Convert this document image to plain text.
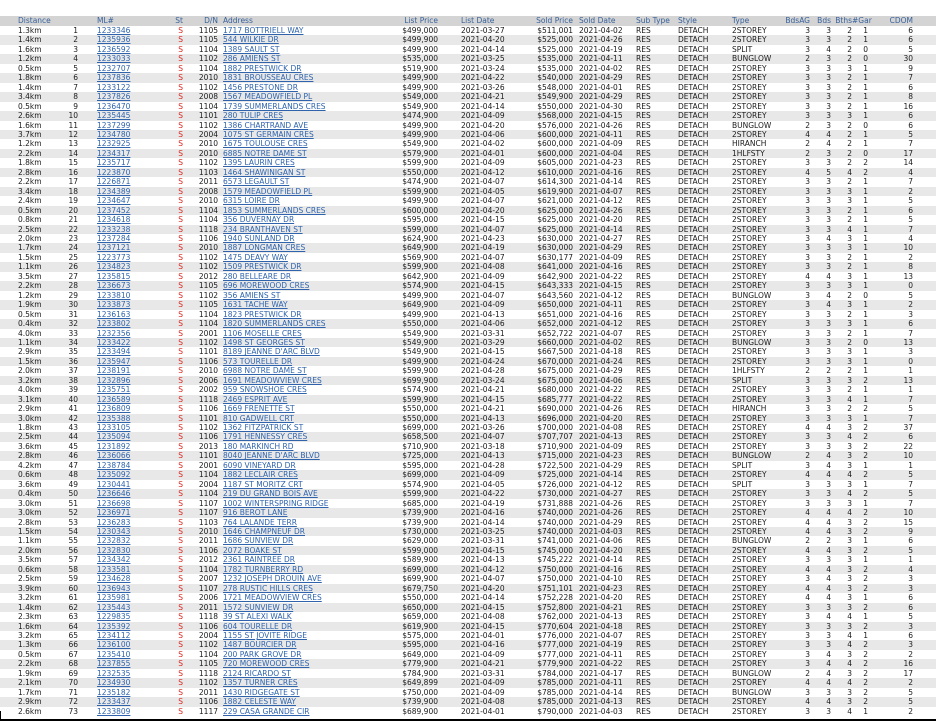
Distance		ML#	St	D/N	Address	List Price	List Date	Sold Price	Sold Date	Sub Type	Style	Type	BdsAG	Bds	Bths	#Gar	CDOM
1.3km	1	1233346	S	1105	1717 BOTTRIELL WAY	$499,000	2021-03-27	$511,001	2021-04-02	RES	DETACH	2STOREY	3	3	2	1	6
1.4km	2	1235936	S	1105	544 WILKIE DR	$499,900	2021-04-20	$525,000	2021-04-26	RES	DETACH	2STOREY	3	3	2	1	6
1.6km	3	1236592	S	1104	1389 SAULT ST	$499,900	2021-04-14	$525,000	2021-04-19	RES	DETACH	SPLIT	3	4	2	0	5
1.2km	4	1233033	S	1102	286 AMIENS ST	$535,000	2021-03-25	$535,000	2021-04-11	RES	DETACH	BUNGLOW	2	3	2	0	30
0.5km	5	1232707	S	1104	1882 PRESTWICK DR	$519,900	2021-03-24	$535,000	2021-04-02	RES	DETACH	2STOREY	3	3	3	1	9
1.8km	6	1237836	S	2010	1831 BROUSSEAU CRES	$499,900	2021-04-22	$540,000	2021-04-29	RES	DETACH	2STOREY	3	3	2	1	7
1.4km	7	1233122	S	1102	1456 PRESTONE DR	$499,900	2021-03-26	$548,000	2021-04-01	RES	DETACH	2STOREY	3	3	2	1	6
3.4km	8	1237826	S	2008	1567 MEADOWFIELD PL	$549,000	2021-04-21	$549,900	2021-04-29	RES	DETACH	2STOREY	3	3	2	1	8
0.5km	9	1236470	S	1104	1739 SUMMERLANDS CRES	$549,900	2021-04-14	$550,000	2021-04-30	RES	DETACH	2STOREY	3	3	2	1	16
2.6km	10	1235445	S	1101	280 TULIP CRES	$474,900	2021-04-09	$568,000	2021-04-15	RES	DETACH	2STOREY	3	3	3	1	6
1.6km	11	1237299	S	1102	1386 CHARTRAND AVE	$499,900	2021-04-20	$576,000	2021-04-26	RES	DETACH	BUNGLOW	2	3	2	0	6
3.7km	12	1234780	S	2004	1075 ST GERMAIN CRES	$499,900	2021-04-06	$600,000	2021-04-11	RES	DETACH	2STOREY	4	4	2	1	5
1.2km	13	1232925	S	2010	1675 TOULOUSE CRES	$549,900	2021-04-02	$600,000	2021-04-09	RES	DETACH	HIRANCH	2	4	2	1	7
2.2km	14	1234317	S	2010	6885 NOTRE DAME ST	$579,900	2021-04-01	$600,000	2021-04-04	RES	DETACH	1HLFSTY	2	3	2	0	17
1.8km	15	1235717	S	1102	1395 LAURIN CRES	$599,900	2021-04-09	$605,000	2021-04-23	RES	DETACH	2STOREY	3	3	2	2	14
2.8km	16	1223870	S	1103	1464 SHAWINIGAN ST	$550,000	2021-04-12	$610,000	2021-04-16	RES	DETACH	2STOREY	4	5	4	2	4
2.2km	17	1226871	S	2011	6573 LEGAULT ST	$474,900	2021-04-07	$614,300	2021-04-14	RES	DETACH	2STOREY	3	3	2	1	7
3.4km	18	1234389	S	2008	1579 MEADOWFIELD PL	$599,900	2021-04-05	$619,900	2021-04-07	RES	DETACH	2STOREY	3	3	3	1	2
2.4km	19	1234647	S	2010	6315 LOIRE DR	$499,900	2021-04-07	$621,000	2021-04-12	RES	DETACH	2STOREY	3	3	3	1	5
0.5km	20	1237452	S	1104	1853 SUMMERLANDS CRES	$600,000	2021-04-20	$625,000	2021-04-26	RES	DETACH	2STOREY	3	3	2	1	6
0.8km	21	1234618	S	1104	356 DUVERNAY DR	$595,000	2021-04-15	$625,000	2021-04-20	RES	DETACH	2STOREY	3	3	2	1	5
2.5km	22	1233238	S	1118	234 BRANTHAVEN ST	$599,000	2021-04-07	$625,000	2021-04-14	RES	DETACH	2STOREY	3	3	4	1	7
2.0km	23	1237284	S	1106	1940 SUNLAND DR	$624,900	2021-04-23	$630,000	2021-04-27	RES	DETACH	2STOREY	3	4	3	1	4
1.7km	24	1237121	S	2010	1887 LONGMAN CRES	$649,900	2021-04-19	$630,000	2021-04-29	RES	DETACH	2STOREY	3	3	3	1	10
1.5km	25	1223773	S	1102	1475 DEAVY WAY	$569,900	2021-04-07	$630,177	2021-04-09	RES	DETACH	2STOREY	3	3	2	1	2
1.1km	26	1234823	S	1102	1509 PRESTWICK DR	$599,900	2021-04-08	$641,000	2021-04-16	RES	DETACH	2STOREY	3	3	2	1	8
3.5km	27	1235815	S	2012	280 BELLEARE DR	$642,900	2021-04-09	$642,900	2021-04-22	RES	DETACH	2STOREY	4	4	3	1	13
2.2km	28	1236673	S	1105	696 MOREWOOD CRES	$574,900	2021-04-15	$643,333	2021-04-15	RES	DETACH	2STOREY	3	3	3	1	0
1.2km	29	1233810	S	1102	356 AMIENS ST	$499,900	2021-04-07	$643,560	2021-04-12	RES	DETACH	BUNGLOW	3	4	2	0	5
1.9km	30	1233873	S	1105	1631 TACHE WAY	$649,900	2021-04-09	$650,000	2021-04-11	RES	DETACH	2STOREY	3	4	3	1	2
0.5km	31	1236163	S	1104	1823 PRESTWICK DR	$499,900	2021-04-13	$651,000	2021-04-16	RES	DETACH	2STOREY	3	3	2	1	3
0.4km	32	1233802	S	1104	1820 SUMMERLANDS CRES	$550,000	2021-04-06	$652,000	2021-04-12	RES	DETACH	2STOREY	3	3	3	1	6
4.0km	33	1232356	S	2001	1106 MOSELLE CRES	$549,900	2021-03-31	$652,722	2021-04-07	RES	DETACH	2STOREY	3	3	2	1	7
1.1km	34	1233422	S	1102	1498 ST GEORGES ST	$549,900	2021-03-29	$660,000	2021-04-02	RES	DETACH	BUNGLOW	3	3	2	0	13
2.9km	35	1233494	S	1101	8189 JEANNE D'ARC BLVD	$549,900	2021-04-15	$667,500	2021-04-18	RES	DETACH	2STOREY	3	3	3	1	3
1.5km	36	1235947	S	1106	573 TOURELLE DR	$499,900	2021-04-24	$670,000	2021-04-24	RES	DETACH	2STOREY	3	3	3	1	0
2.0km	37	1238191	S	2010	6988 NOTRE DAME ST	$599,900	2021-04-28	$675,000	2021-04-29	RES	DETACH	1HLFSTY	2	2	2	1	1
3.2km	38	1232896	S	2006	1691 MEADOWVIEW CRES	$699,900	2021-03-24	$675,000	2021-04-06	RES	DETACH	SPLIT	3	3	3	2	13
4.0km	39	1235751	S	2002	959 SNOWSHOE CRES	$574,900	2021-04-21	$680,000	2021-04-22	RES	DETACH	2STOREY	3	3	2	1	1
3.1km	40	1236589	S	1118	2469 ESPRIT AVE	$599,900	2021-04-15	$685,777	2021-04-22	RES	DETACH	2STOREY	3	3	4	1	7
2.9km	41	1236809	S	1106	1669 FRENETTE ST	$550,000	2021-04-21	$690,000	2021-04-26	RES	DETACH	HIRANCH	3	3	2	2	5
3.0km	42	1235388	S	1101	810 GADWELL CRT	$550,000	2021-04-13	$696,000	2021-04-20	RES	DETACH	2STOREY	3	3	3	1	7
1.8km	43	1233105	S	1102	1362 FITZPATRICK ST	$699,000	2021-03-26	$700,000	2021-04-08	RES	DETACH	2STOREY	4	4	3	2	37
2.5km	44	1235094	S	1106	1791 HENNESSY CRES	$658,500	2021-04-07	$707,707	2021-04-13	RES	DETACH	2STOREY	3	3	4	2	6
3.6km	45	1231892	S	2013	180 MARKINCH RD	$710,900	2021-03-18	$710,900	2021-04-09	RES	DETACH	2STOREY	3	3	3	2	22
2.8km	46	1236066	S	1101	8040 JEANNE D'ARC BLVD	$725,000	2021-04-13	$715,000	2021-04-23	RES	DETACH	BUNGLOW	2	4	3	2	10
4.2km	47	1238784	S	2001	6090 VINEYARD DR	$595,000	2021-04-28	$722,500	2021-04-29	RES	DETACH	SPLIT	3	4	3	1	1
0.6km	48	1235092	S	1104	1882 LECLAIR CRES	$699,000	2021-04-09	$725,000	2021-04-14	RES	DETACH	2STOREY	4	4	4	2	5
3.6km	49	1230441	S	2004	1187 ST MORITZ CRT	$574,900	2021-04-05	$726,000	2021-04-12	RES	DETACH	SPLIT	3	3	3	1	7
0.4km	50	1236646	S	1104	219 DU GRAND BOIS AVE	$599,900	2021-04-22	$730,000	2021-04-27	RES	DETACH	2STOREY	3	3	4	2	5
3.0km	51	1236698	S	1107	1002 WINTERSPRING RIDGE	$685,000	2021-04-19	$731,888	2021-04-26	RES	DETACH	2STOREY	3	3	3	1	7
3.0km	52	1236971	S	1107	916 BEROT LANE	$739,900	2021-04-16	$740,000	2021-04-26	RES	DETACH	2STOREY	4	4	4	2	10
2.8km	53	1236283	S	1103	764 LALANDE TERR	$739,900	2021-04-14	$740,000	2021-04-29	RES	DETACH	2STOREY	4	4	3	2	15
1.5km	54	1230343	S	2010	1646 CHAMPNEUF DR	$730,000	2021-03-25	$740,000	2021-04-03	RES	DETACH	2STOREY	4	4	3	2	9
1.1km	55	1232832	S	2011	1686 SUNVIEW DR	$629,000	2021-03-31	$741,000	2021-04-06	RES	DETACH	BUNGLOW	2	2	3	1	6
2.0km	56	1232830	S	1106	2072 BOAKE ST	$599,000	2021-04-15	$745,000	2021-04-20	RES	DETACH	2STOREY	4	4	3	2	5
3.5km	57	1234342	S	2012	2361 RAINTREE DR	$589,900	2021-04-13	$745,222	2021-04-14	RES	DETACH	2STOREY	3	3	3	1	1
0.6km	58	1233581	S	1104	1782 TURNBERRY RD	$699,000	2021-04-12	$750,000	2021-04-16	RES	DETACH	2STOREY	4	4	3	2	4
2.5km	59	1234628	S	2007	1232 JOSEPH DROUIN AVE	$699,900	2021-04-07	$750,000	2021-04-10	RES	DETACH	2STOREY	3	4	3	2	3
3.9km	60	1236943	S	1107	278 RUSTIC HILLS CRES	$679,750	2021-04-20	$751,101	2021-04-23	RES	DETACH	2STOREY	4	4	3	2	3
3.2km	61	1235981	S	2006	1721 MEADOWVIEW CRES	$550,000	2021-04-14	$752,228	2021-04-20	RES	DETACH	2STOREY	4	4	3	1	6
1.4km	62	1235443	S	2011	1572 SUNVIEW DR	$650,000	2021-04-15	$752,800	2021-04-21	RES	DETACH	2STOREY	3	3	3	2	6
2.3km	63	1229835	S	1118	39 ST ALEXI WALK	$659,000	2021-04-08	$762,000	2021-04-13	RES	DETACH	2STOREY	3	4	4	1	5
1.6km	64	1235392	S	1106	604 TOURELLE DR	$619,900	2021-04-15	$770,604	2021-04-18	RES	DETACH	2STOREY	3	3	3	2	3
3.2km	65	1234112	S	2004	1155 ST JOVITE RIDGE	$575,000	2021-04-01	$776,000	2021-04-07	RES	DETACH	2STOREY	3	3	4	1	6
1.3km	66	1236100	S	1102	1487 BOURCIER DR	$595,000	2021-04-16	$777,000	2021-04-19	RES	DETACH	2STOREY	3	3	4	2	3
0.5km	67	1235410	S	1104	200 PARK GROVE DR	$649,000	2021-04-09	$777,000	2021-04-11	RES	DETACH	2STOREY	3	4	3	2	2
2.2km	68	1237855	S	1105	720 MOREWOOD CRES	$779,900	2021-04-21	$779,900	2021-04-22	RES	DETACH	2STOREY	3	4	4	2	16
1.9km	69	1232535	S	1118	2124 RICARDO ST	$784,900	2021-03-31	$784,000	2021-04-17	RES	DETACH	BUNGLOW	2	4	3	2	17
2.1km	70	1234930	S	1102	1357 TURNER CRES	$649,899	2021-04-09	$785,000	2021-04-11	RES	DETACH	2STOREY	4	4	4	2	2
1.7km	71	1235182	S	2011	1430 RIDGEGATE ST	$750,000	2021-04-09	$785,000	2021-04-14	RES	DETACH	BUNGLOW	3	3	3	2	5
2.9km	72	1233437	S	1106	1882 CELESTE WAY	$739,900	2021-04-08	$785,000	2021-04-13	RES	DETACH	2STOREY	4	4	3	2	5
2.6km	73	1233809	S	1117	229 CASA GRANDE CIR	$689,900	2021-04-01	$790,000	2021-04-03	RES	DETACH	2STOREY	3	3	4	1	2
